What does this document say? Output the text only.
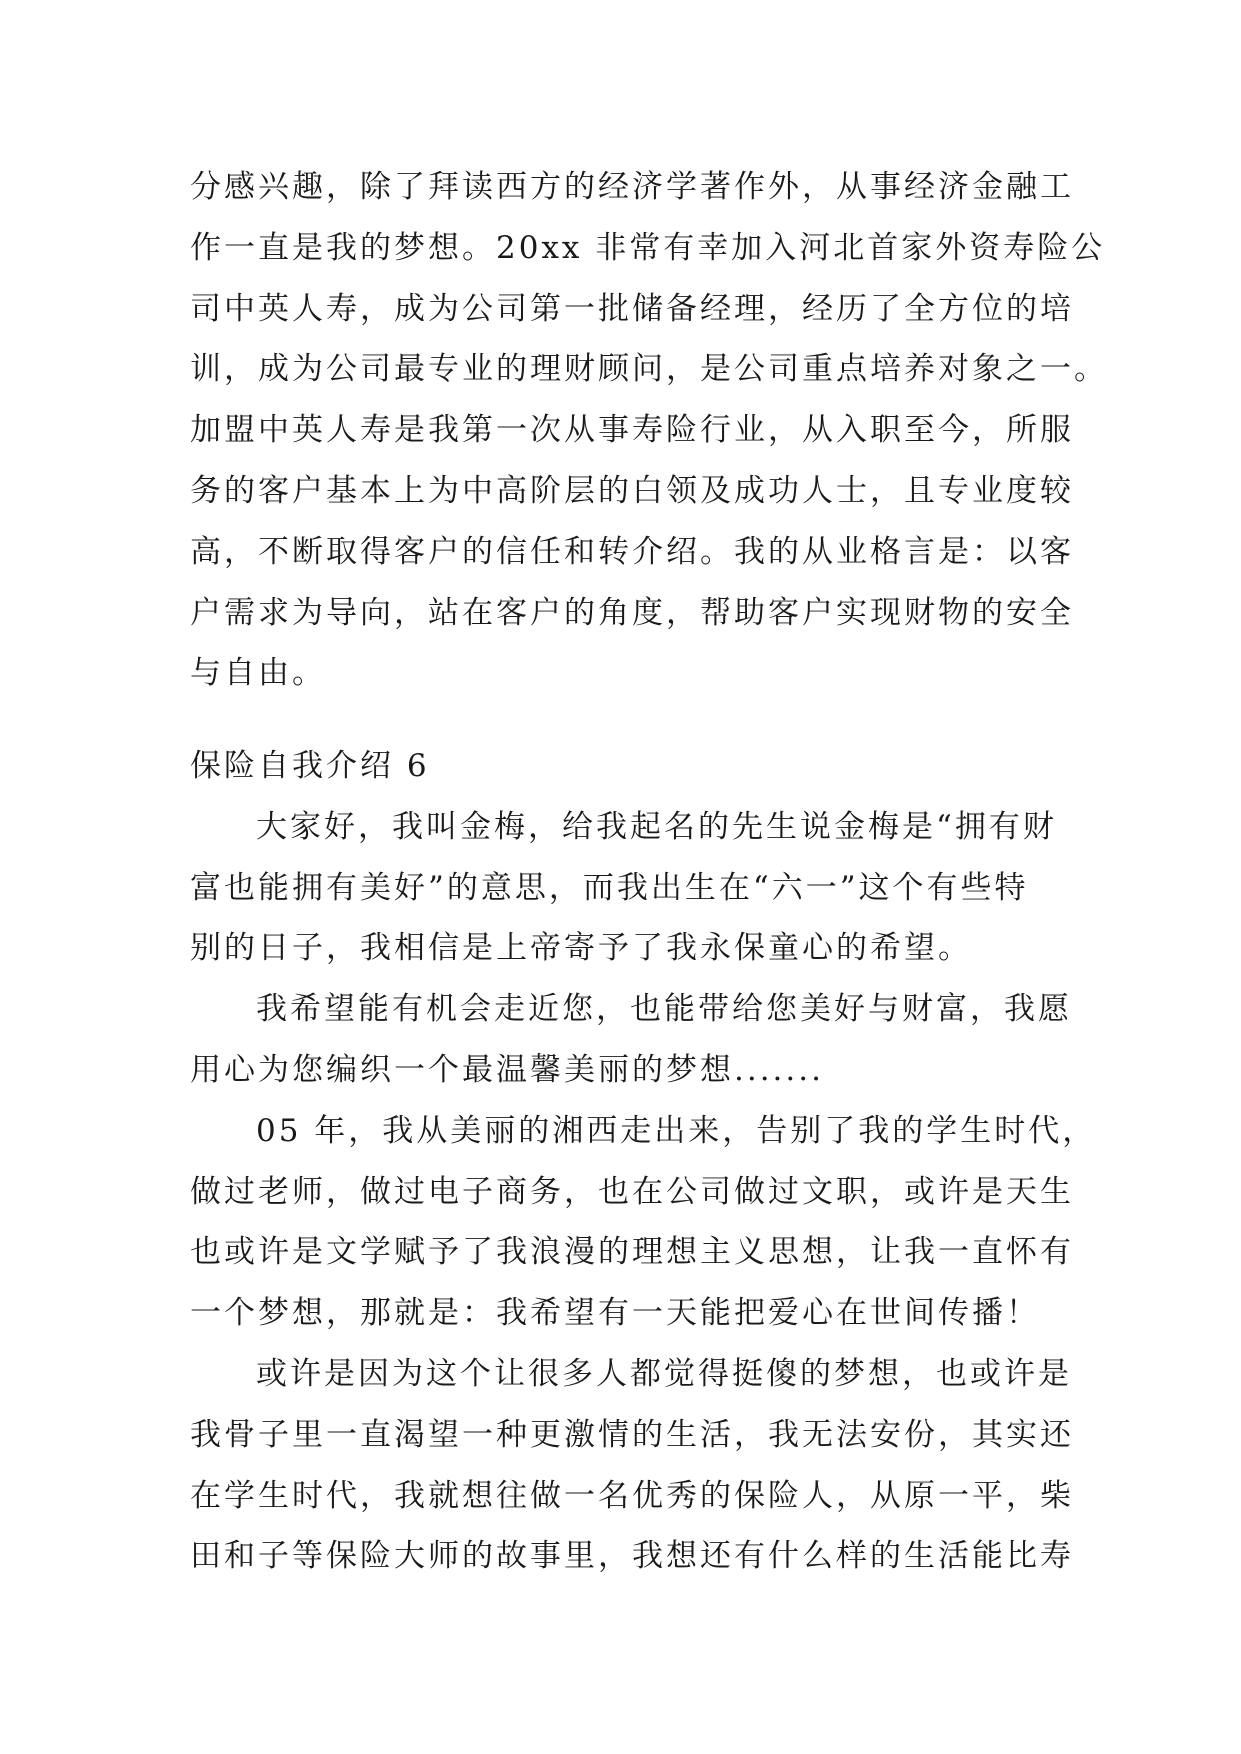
分感兴趣，除了拜读西方的经济学著作外，从事经济金融工
作一直是我的梦想。20xx 非常有幸加入河北首家外资寿险公
司中英人寿，成为公司第一批储备经理，经历了全方位的培
训，成为公司最专业的理财顾问，是公司重点培养对象之一。
加盟中英人寿是我第一次从事寿险行业，从入职至今，所服
务的客户基本上为中高阶层的白领及成功人士，且专业度较
高，不断取得客户的信任和转介绍。我的从业格言是：以客
户需求为导向，站在客户的角度，帮助客户实现财物的安全
与自由。
保险自我介绍 6
大家好，我叫金梅，给我起名的先生说金梅是“拥有财
富也能拥有美好”的意思，而我出生在“六一”这个有些特
别的日子，我相信是上帝寄予了我永保童心的希望。
我希望能有机会走近您，也能带给您美好与财富，我愿
用心为您编织一个最温馨美丽的梦想.......
05 年，我从美丽的湘西走出来，告别了我的学生时代，
做过老师，做过电子商务，也在公司做过文职，或许是天生
也或许是文学赋予了我浪漫的理想主义思想，让我一直怀有
一个梦想，那就是：我希望有一天能把爱心在世间传播！
或许是因为这个让很多人都觉得挺傻的梦想，也或许是
我骨子里一直渴望一种更激情的生活，我无法安份，其实还
在学生时代，我就想往做一名优秀的保险人，从原一平，柴
田和子等保险大师的故事里，我想还有什么样的生活能比寿
